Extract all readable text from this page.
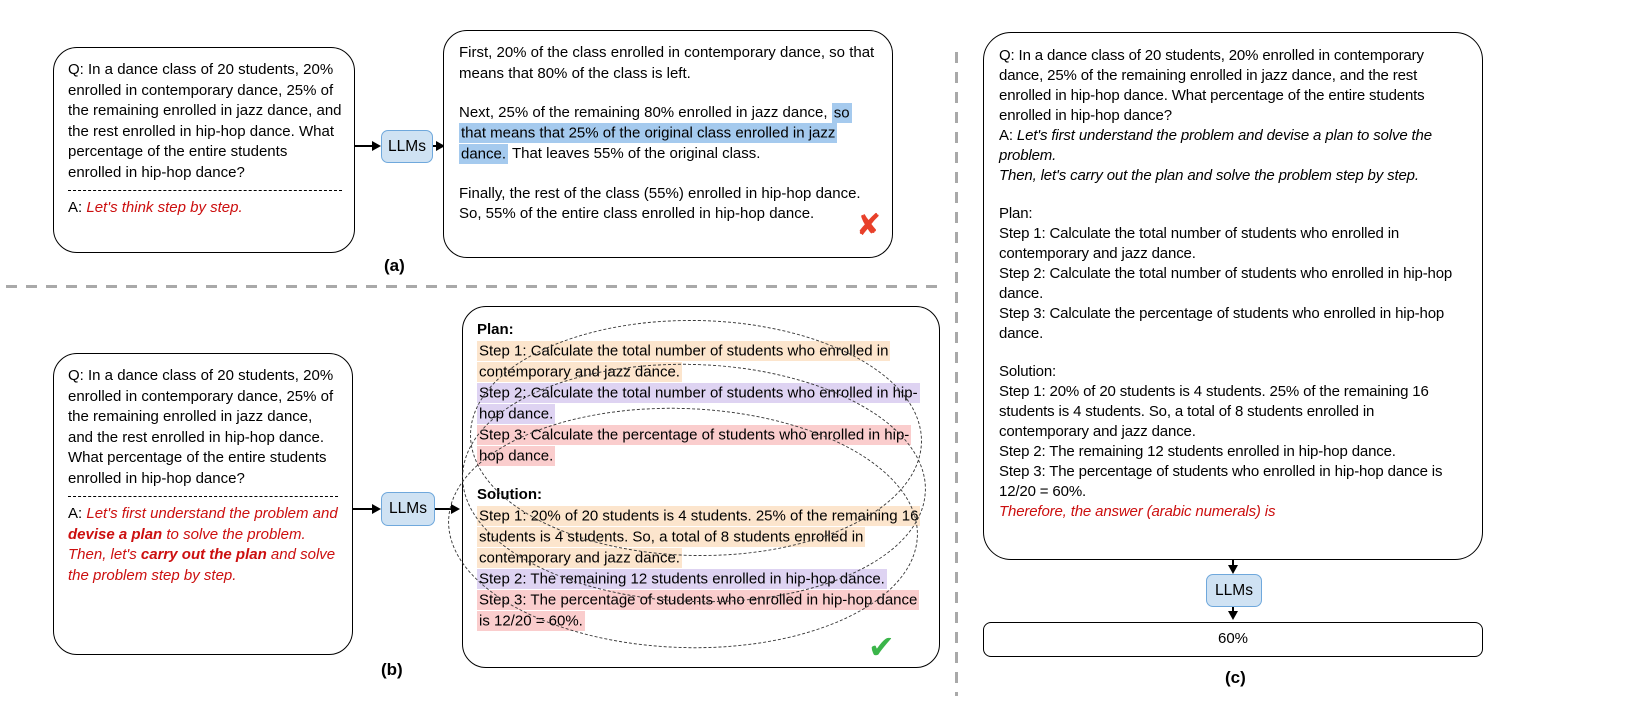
Q: In a dance class of 20 students, 20% enrolled in contemporary dance, 25% of the remaining enrolled in jazz dance, and the rest enrolled in hip-hop dance. What percentage of the entire students enrolled in hip-hop dance?
A: Let's think step by step.
LLMs
First, 20% of the class enrolled in contemporary dance, so that means that 80% of the class is left.
Next, 25% of the remaining 80% enrolled in jazz dance, so that means that 25% of the original class enrolled in jazz dance. That leaves 55% of the original class.
Finally, the rest of the class (55%) enrolled in hip-hop dance. So, 55% of the entire class enrolled in hip-hop dance.	✘
(a)
Q: In a dance class of 20 students, 20% enrolled in contemporary dance, 25% of the remaining enrolled in jazz dance, and the rest enrolled in hip-hop dance. What percentage of the entire students enrolled in hip-hop dance?
A: Let's first understand the problem and devise a plan to solve the problem.
Then, let's carry out the plan and solve the problem step by step.
LLMs
Plan:
Step 1: Calculate the total number of students who enrolled in contemporary and jazz dance.
Step 2: Calculate the total number of students who enrolled in hip-hop dance.
Step 3: Calculate the percentage of students who enrolled in hip-hop dance.
Solution:
Step 1: 20% of 20 students is 4 students. 25% of the remaining 16 students is 4 students. So, a total of 8 students enrolled in contemporary and jazz dance.
Step 2: The remaining 12 students enrolled in hip-hop dance.
Step 3: The percentage of students who enrolled in hip-hop dance is 12/20 = 60%.
✔
(b)
Q: In a dance class of 20 students, 20% enrolled in contemporary dance, 25% of the remaining enrolled in jazz dance, and the rest enrolled in hip-hop dance. What percentage of the entire students enrolled in hip-hop dance?
A: Let's first understand the problem and devise a plan to solve the problem.
Then, let's carry out the plan and solve the problem step by step.
Plan:
Step 1: Calculate the total number of students who enrolled in contemporary and jazz dance.
Step 2: Calculate the total number of students who enrolled in hip-hop dance.
Step 3: Calculate the percentage of students who enrolled in hip-hop dance.
Solution:
Step 1: 20% of 20 students is 4 students. 25% of the remaining 16 students is 4 students. So, a total of 8 students enrolled in contemporary and jazz dance.
Step 2: The remaining 12 students enrolled in hip-hop dance.
Step 3: The percentage of students who enrolled in hip-hop dance is 12/20 = 60%.
Therefore, the answer (arabic numerals) is
LLMs
60%
(c)
